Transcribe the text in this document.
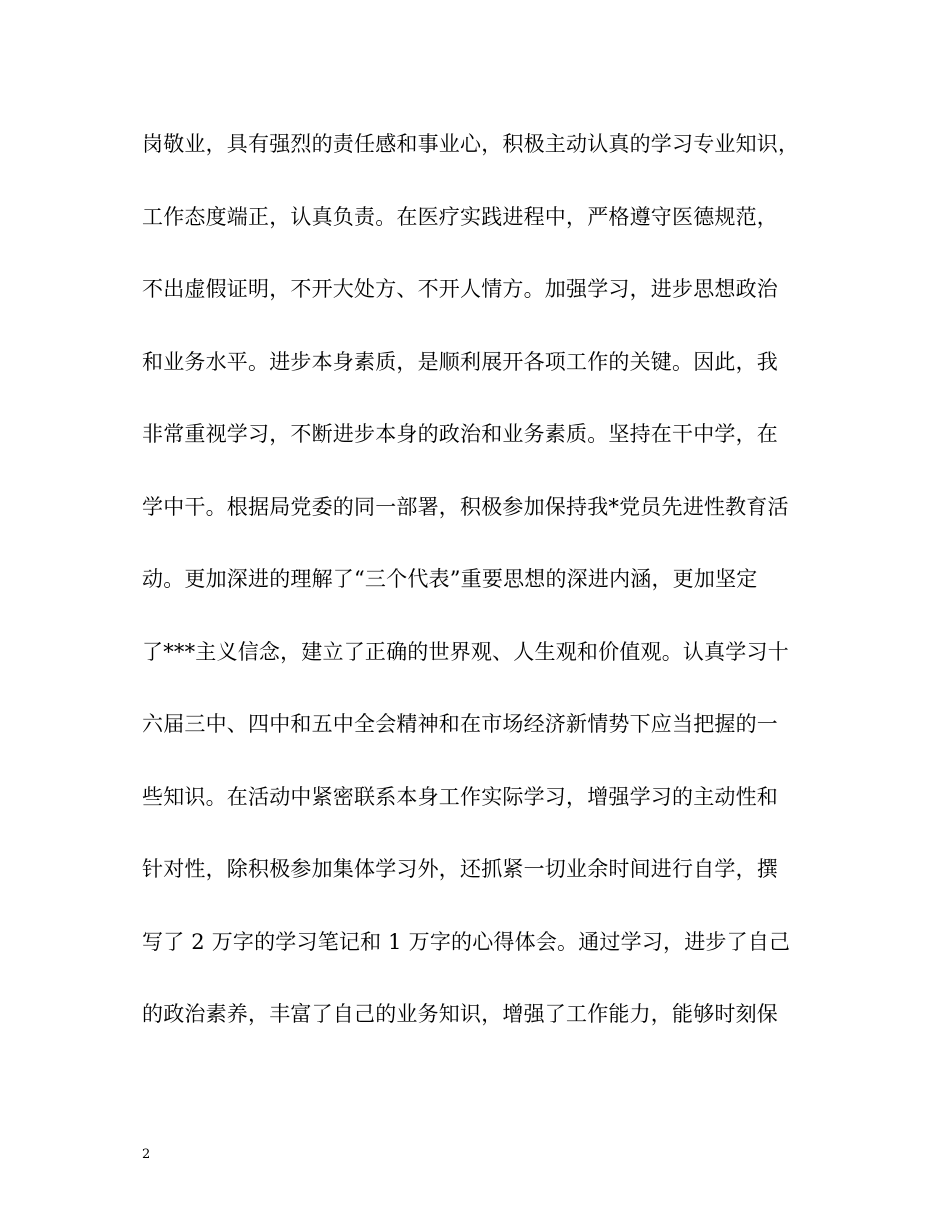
岗敬业，具有强烈的责任感和事业心，积极主动认真的学习专业知识，
工作态度端正，认真负责。在医疗实践进程中，严格遵守医德规范，
不出虚假证明，不开大处方、不开人情方。加强学习，进步思想政治
和业务水平。进步本身素质，是顺利展开各项工作的关键。因此，我
非常重视学习，不断进步本身的政治和业务素质。坚持在干中学，在
学中干。根据局党委的同一部署，积极参加保持我*党员先进性教育活
动。更加深进的理解了“三个代表”重要思想的深进内涵，更加坚定
了***主义信念，建立了正确的世界观、人生观和价值观。认真学习十
六届三中、四中和五中全会精神和在市场经济新情势下应当把握的一
些知识。在活动中紧密联系本身工作实际学习，增强学习的主动性和
针对性，除积极参加集体学习外，还抓紧一切业余时间进行自学，撰
写了 2 万字的学习笔记和 1 万字的心得体会。通过学习，进步了自己
的政治素养，丰富了自己的业务知识，增强了工作能力，能够时刻保
2
